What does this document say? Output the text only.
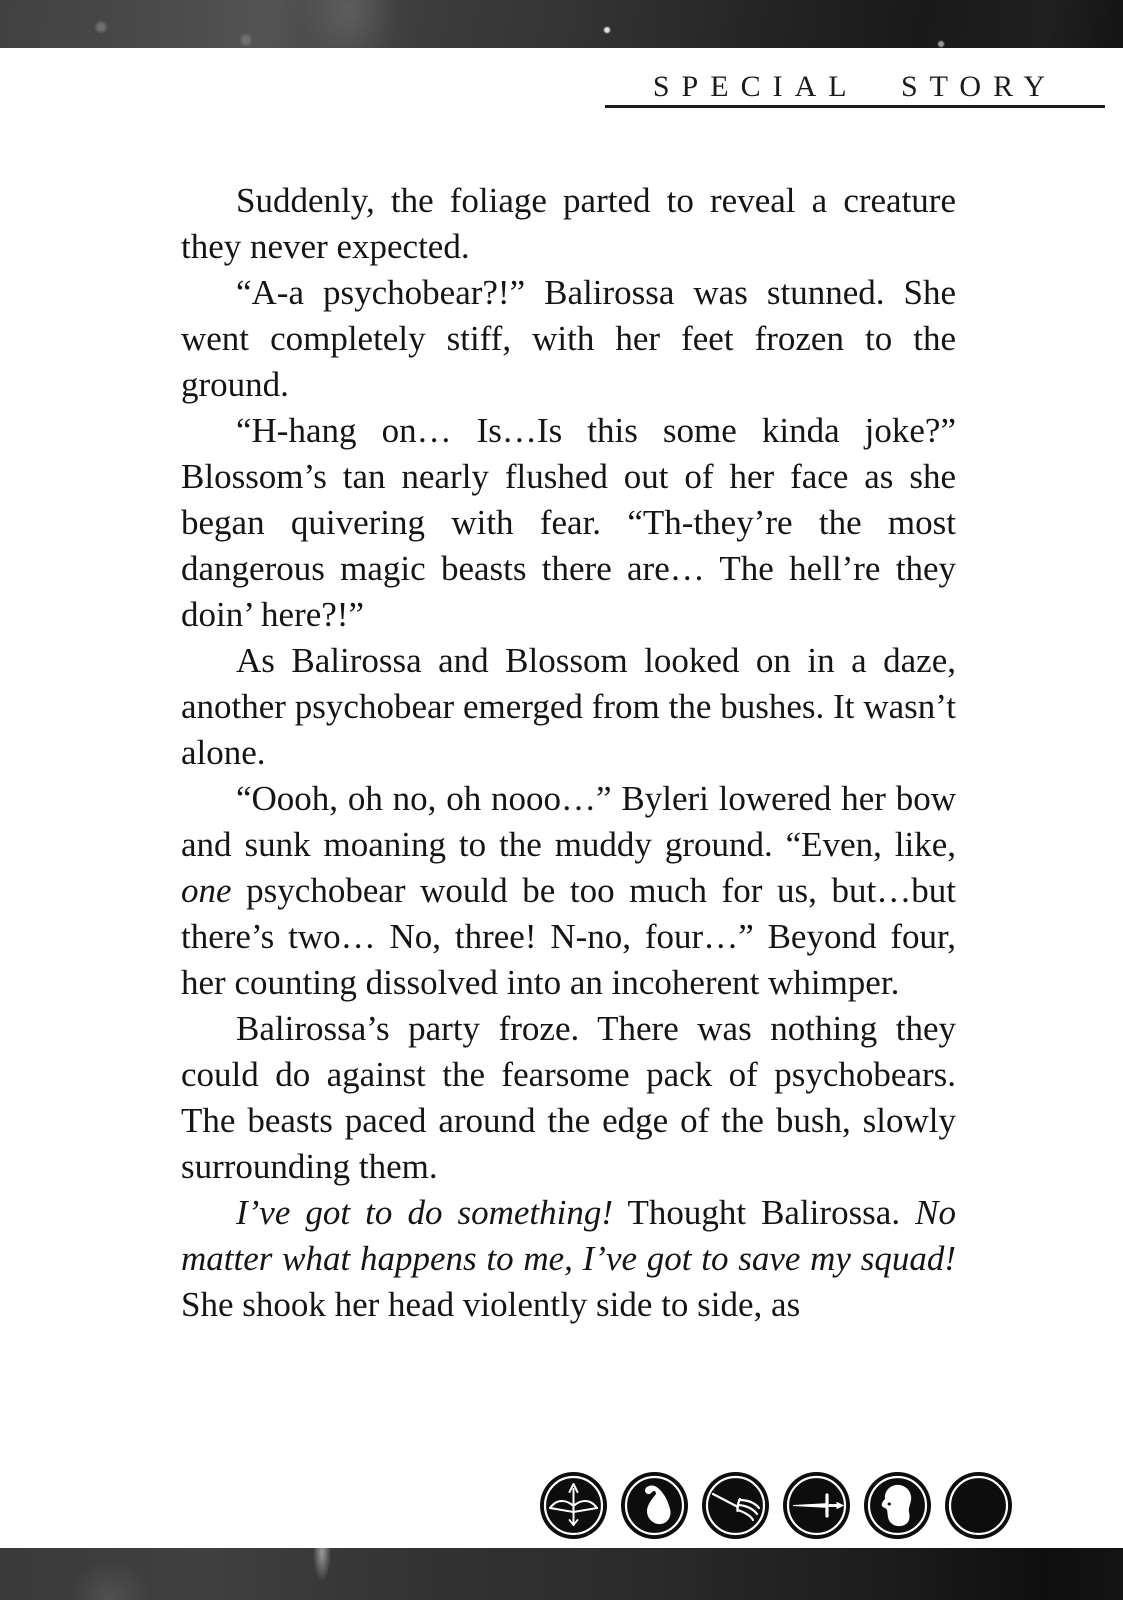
SPECIAL STORY

Suddenly, the foliage parted to reveal a creature they never expected.

“A-a psychobear?!” Balirossa was stunned. She went completely stiff, with her feet frozen to the ground.

“H-hang on… Is…Is this some kinda joke?” Blossom’s tan nearly flushed out of her face as she began quivering with fear. “Th-they’re the most dangerous magic beasts there are… The hell’re they doin’ here?!”

As Balirossa and Blossom looked on in a daze, another psychobear emerged from the bushes. It wasn’t alone.

“Oooh, oh no, oh nooo…” Byleri lowered her bow and sunk moaning to the muddy ground. “Even, like, one psychobear would be too much for us, but…but there’s two… No, three! N-no, four…” Beyond four, her counting dissolved into an incoherent whimper.

Balirossa’s party froze. There was nothing they could do against the fearsome pack of psychobears. The beasts paced around the edge of the bush, slowly surrounding them.

I’ve got to do something! Thought Balirossa. No matter what happens to me, I’ve got to save my squad! She shook her head violently side to side, as
